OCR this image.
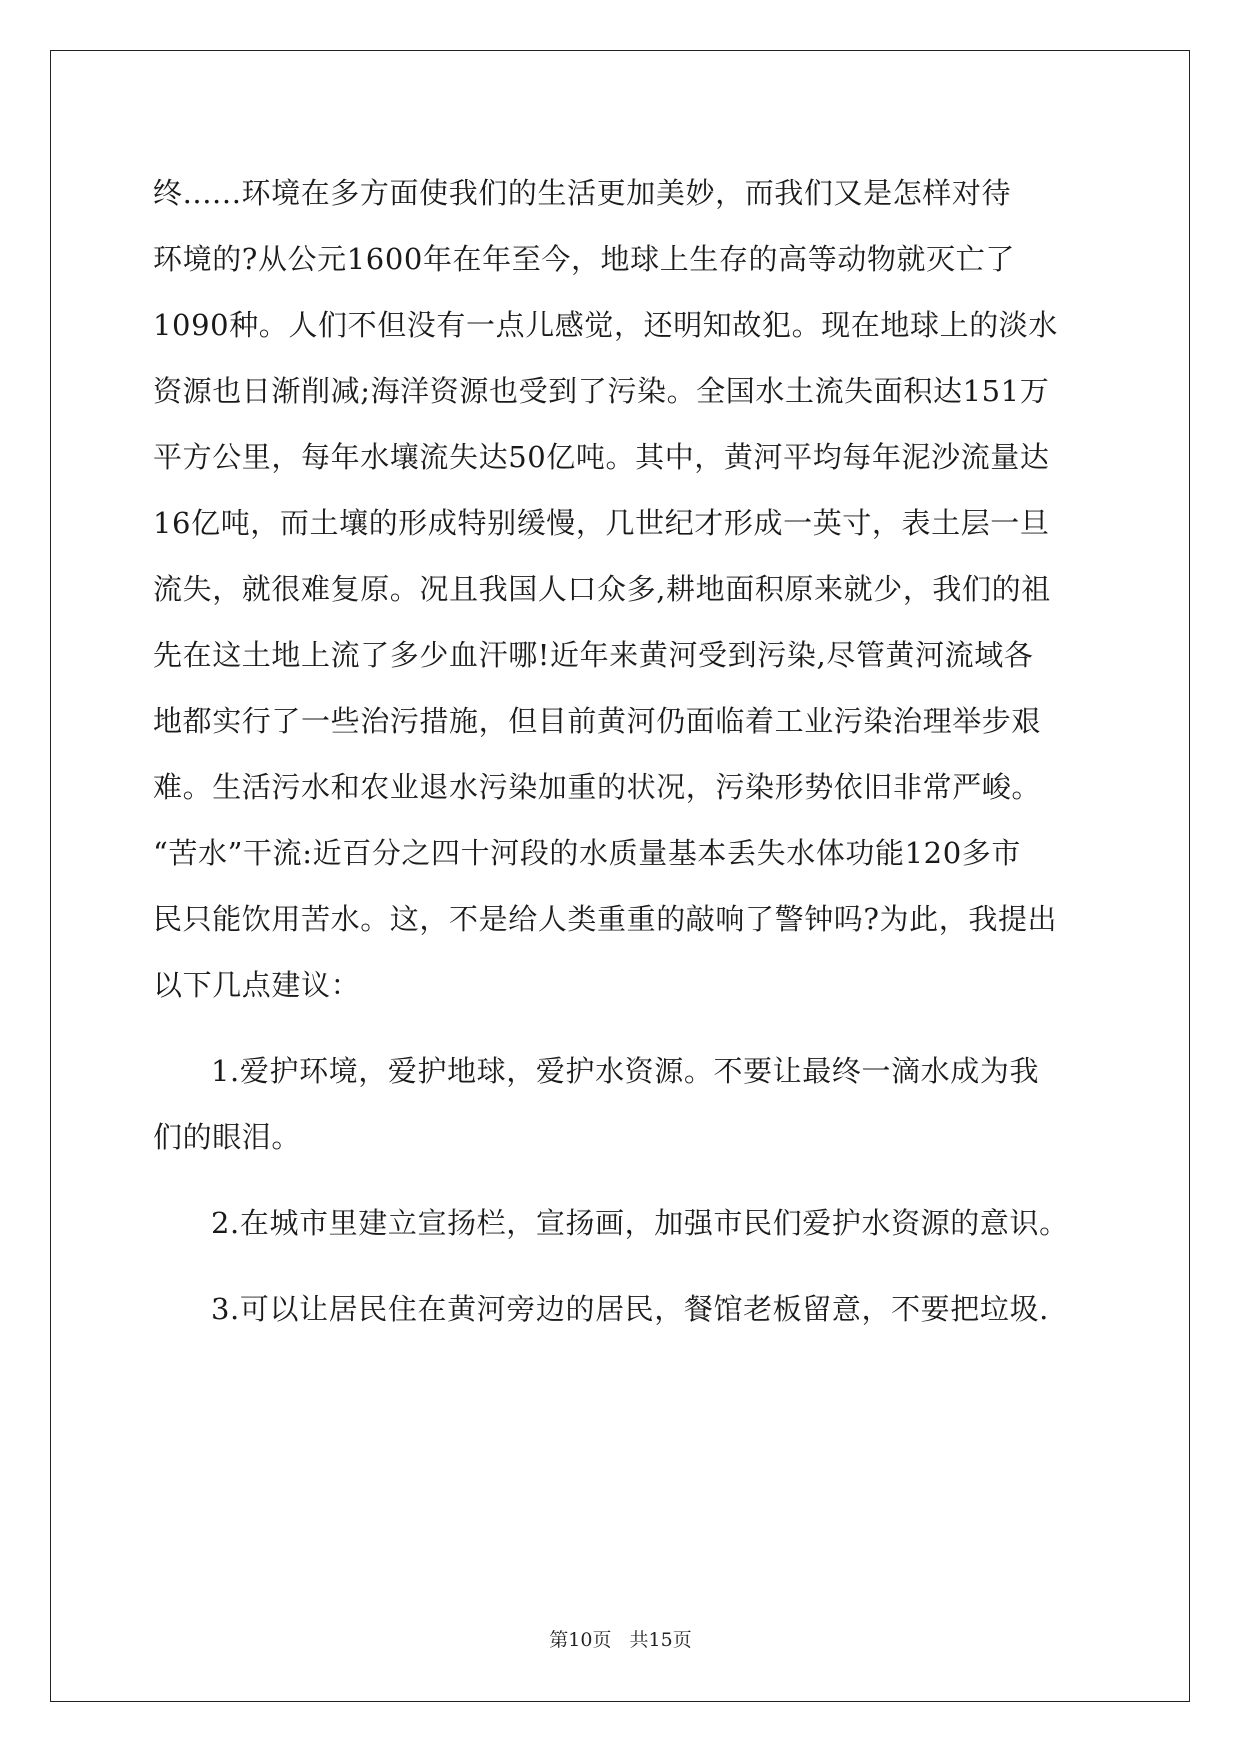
终......环境在多方面使我们的生活更加美妙，而我们又是怎样对待
环境的?从公元1600年在年至今，地球上生存的高等动物就灭亡了
1090种。人们不但没有一点儿感觉，还明知故犯。现在地球上的淡水
资源也日渐削减;海洋资源也受到了污染。全国水土流失面积达151万
平方公里，每年水壤流失达50亿吨。其中，黄河平均每年泥沙流量达
16亿吨，而土壤的形成特别缓慢，几世纪才形成一英寸，表土层一旦
流失，就很难复原。况且我国人口众多,耕地面积原来就少，我们的祖
先在这土地上流了多少血汗哪!近年来黄河受到污染,尽管黄河流域各
地都实行了一些治污措施，但目前黄河仍面临着工业污染治理举步艰
难。生活污水和农业退水污染加重的状况，污染形势依旧非常严峻。
“苦水”干流:近百分之四十河段的水质量基本丢失水体功能120多市
民只能饮用苦水。这，不是给人类重重的敲响了警钟吗?为此，我提出
以下几点建议：
1.爱护环境，爱护地球，爱护水资源。不要让最终一滴水成为我
们的眼泪。
2.在城市里建立宣扬栏，宣扬画，加强市民们爱护水资源的意识。
3.可以让居民住在黄河旁边的居民，餐馆老板留意，不要把垃圾.
第10页 共15页
